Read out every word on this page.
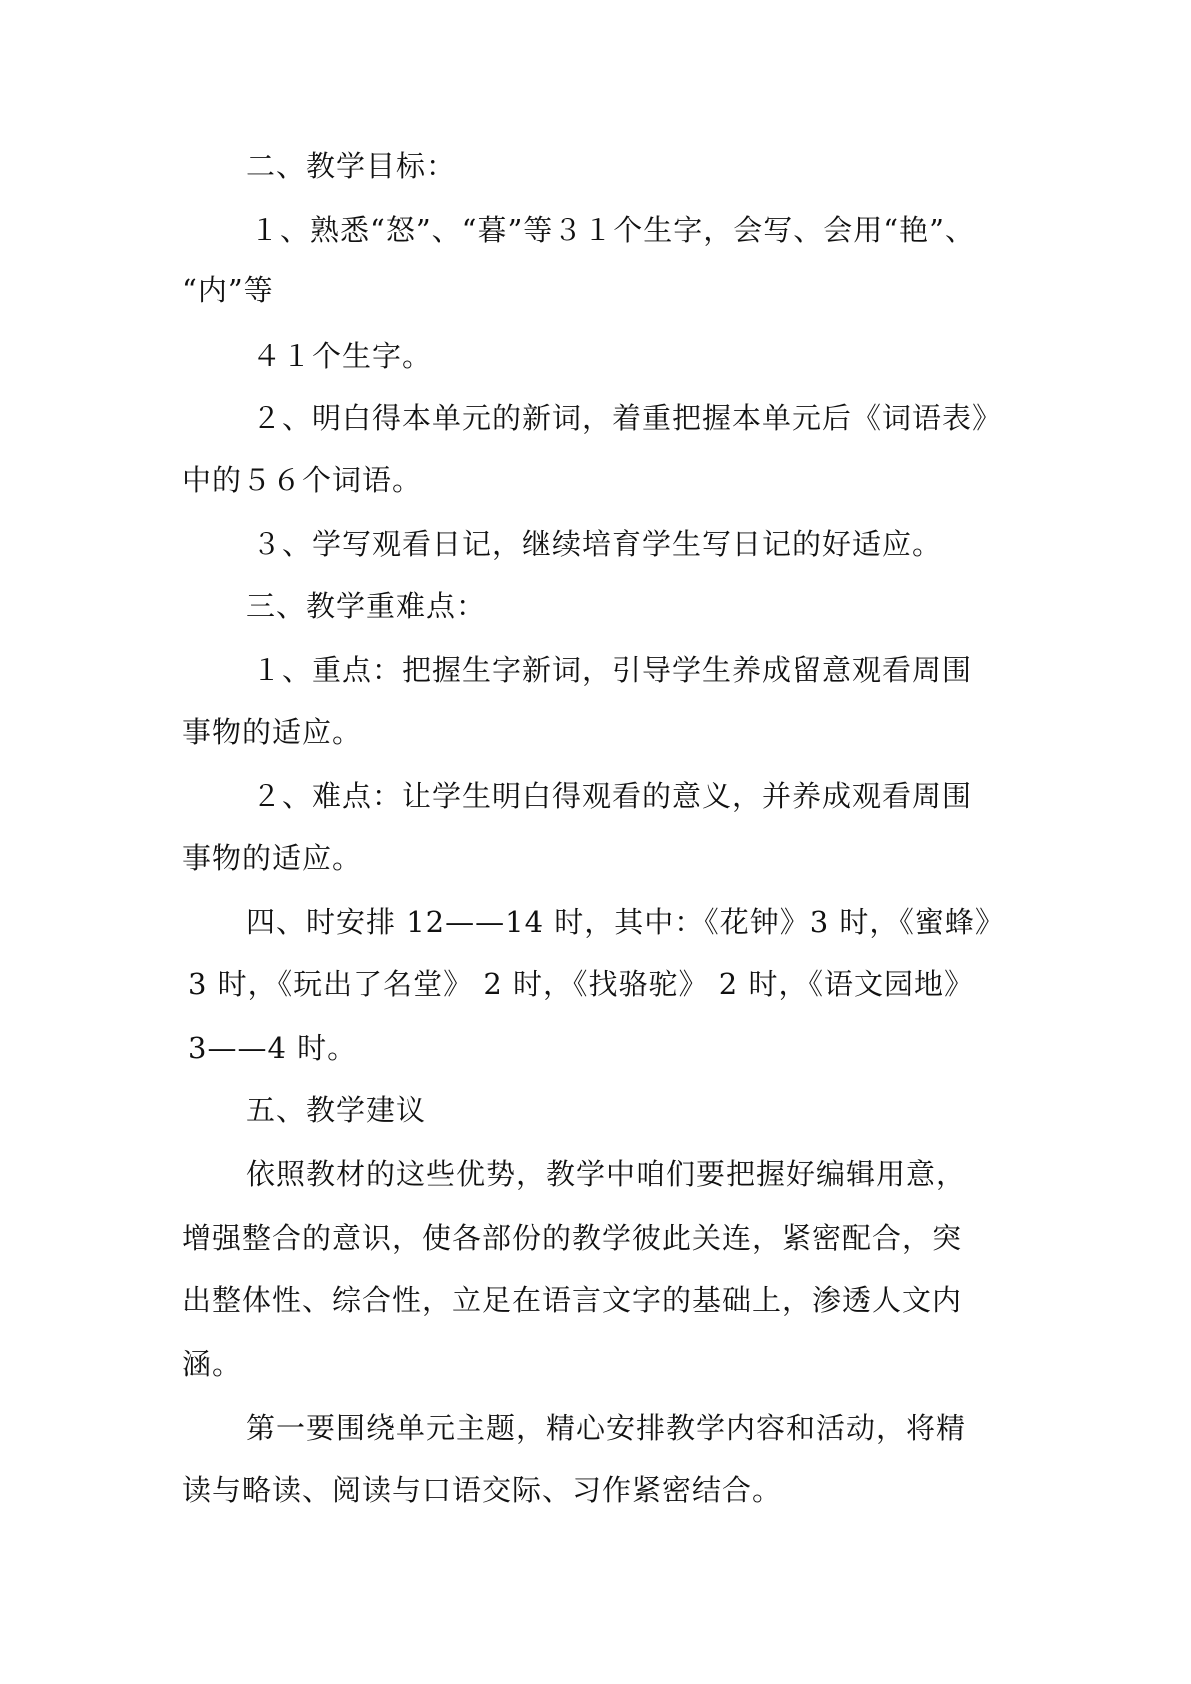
二、教学目标：

１、熟悉“怒”、“暮”等３１个生字，会写、会用“艳”、

“内”等

４１个生字。

２、明白得本单元的新词，着重把握本单元后《词语表》

中的５６个词语。

３、学写观看日记，继续培育学生写日记的好适应。

三、教学重难点：

１、重点：把握生字新词，引导学生养成留意观看周围

事物的适应。

２、难点：让学生明白得观看的意义，并养成观看周围

事物的适应。

四、时安排 12——14 时，其中：《花钟》3 时，《蜜蜂》

3 时，《玩出了名堂》 2 时，《找骆驼》 2 时，《语文园地》

3——4 时。

五、教学建议

依照教材的这些优势，教学中咱们要把握好编辑用意，

增强整合的意识，使各部份的教学彼此关连，紧密配合，突

出整体性、综合性，立足在语言文字的基础上，渗透人文内

涵。

第一要围绕单元主题，精心安排教学内容和活动，将精

读与略读、阅读与口语交际、习作紧密结合。
